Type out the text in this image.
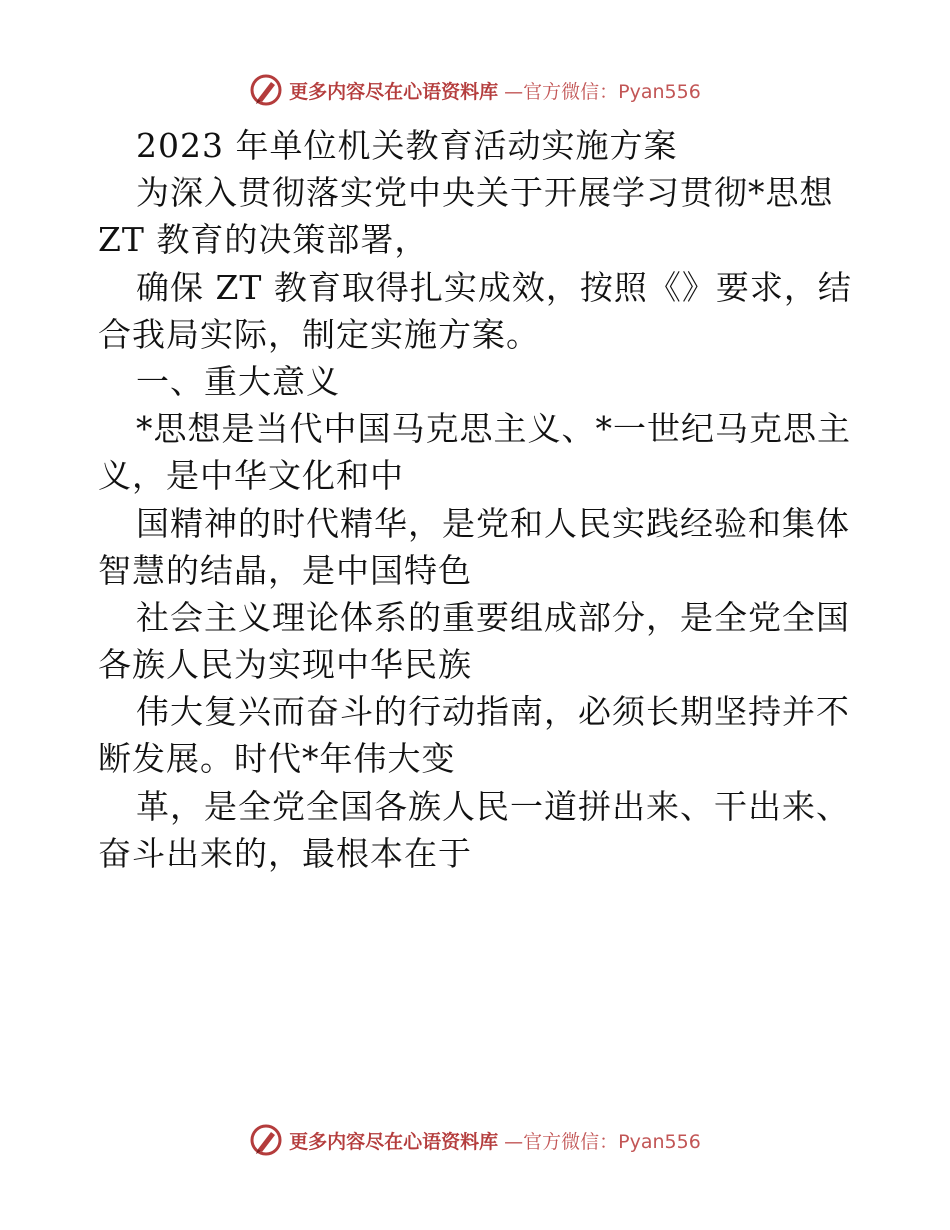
更多内容尽在心语资料库 —官方微信：Pyan556
2023 年单位机关教育活动实施方案
为深入贯彻落实党中央关于开展学习贯彻*思想
ZT 教育的决策部署，
确保 ZT 教育取得扎实成效，按照《》要求，结
合我局实际，制定实施方案。
一、重大意义
*思想是当代中国马克思主义、*一世纪马克思主
义，是中华文化和中
国精神的时代精华，是党和人民实践经验和集体
智慧的结晶，是中国特色
社会主义理论体系的重要组成部分，是全党全国
各族人民为实现中华民族
伟大复兴而奋斗的行动指南，必须长期坚持并不
断发展。时代*年伟大变
革，是全党全国各族人民一道拼出来、干出来、
奋斗出来的，最根本在于
更多内容尽在心语资料库 —官方微信：Pyan556
